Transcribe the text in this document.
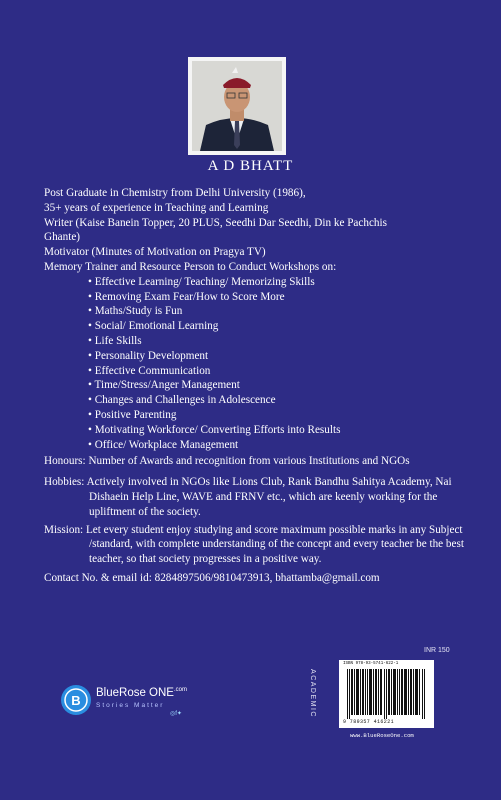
A D BHATT
Post Graduate in Chemistry from Delhi University (1986),
35+ years of experience in Teaching and Learning
Writer (Kaise Banein Topper, 20 PLUS, Seedhi Dar Seedhi, Din ke Pachchis
Ghante)
Motivator (Minutes of Motivation on Pragya TV)
Memory Trainer and Resource Person to Conduct Workshops on:
• Effective Learning/ Teaching/ Memorizing Skills
• Removing Exam Fear/How to Score More
• Maths/Study is Fun
• Social/ Emotional Learning
• Life Skills
• Personality Development
• Effective Communication
• Time/Stress/Anger Management
• Changes and Challenges in Adolescence
• Positive Parenting
• Motivating Workforce/ Converting Efforts into Results
• Office/ Workplace Management
Honours: Number of Awards and recognition from various Institutions and NGOs
Hobbies: Actively involved in NGOs like Lions Club, Rank Bandhu Sahitya Academy, Nai Dishaein Help Line, WAVE and FRNV etc., which are keenly working for the upliftment of the society.
Mission: Let every student enjoy studying and score maximum possible marks in any Subject /standard, with complete understanding of the concept and every teacher be the best teacher, so that society progresses in a positive way.
Contact No. & email id: 8284897506/9810473913, bhattamba@gmail.com
INR 150
ACADEMIC
ISBN 978-93-5741-622-1
9 789357 416221
www.BlueRoseOne.com
B BlueRose $ONE^{.com}$
Stories Matter
◎f✦
